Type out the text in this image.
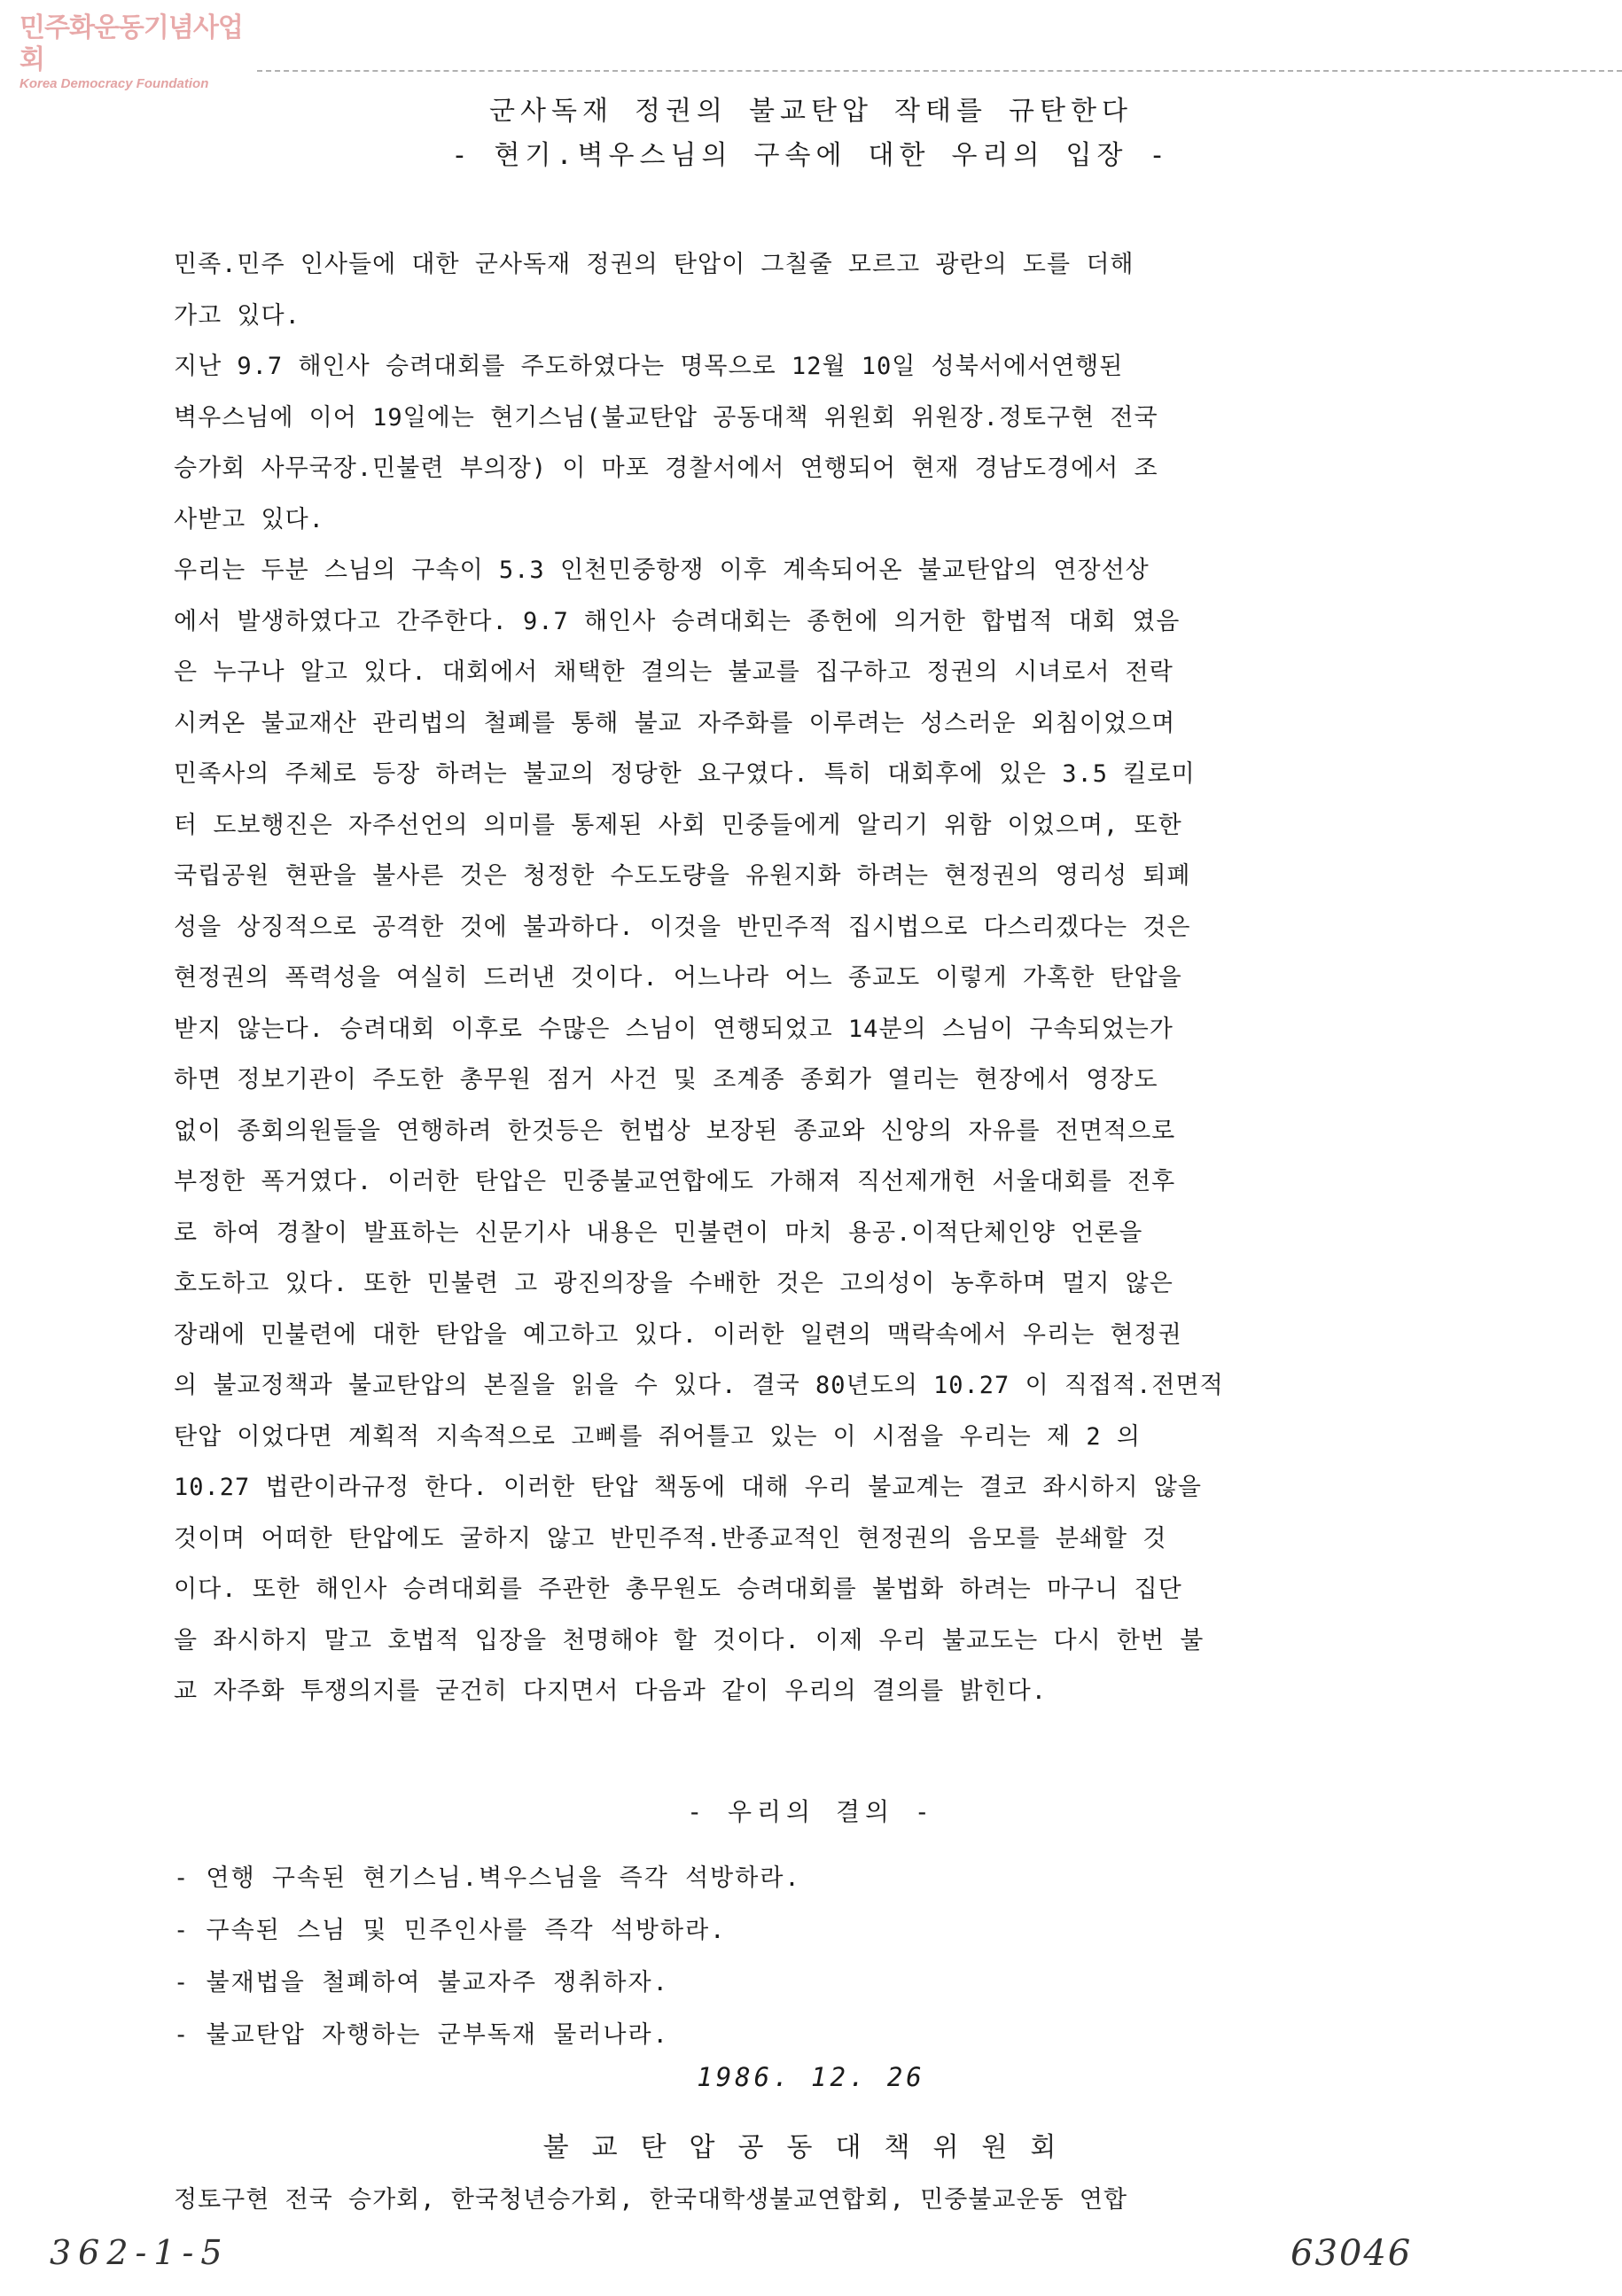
민주화운동기념사업회
Korea Democracy Foundation
군사독재 정권의 불교탄압 작태를 규탄한다
- 현기.벽우스님의 구속에 대한 우리의 입장 -
민족.민주 인사들에 대한 군사독재 정권의 탄압이 그칠줄 모르고 광란의 도를 더해
가고 있다.
지난 9.7 해인사 승려대회를 주도하였다는 명목으로 12월 10일 성북서에서연행된
벽우스님에 이어 19일에는 현기스님(불교탄압 공동대책 위원회 위원장.정토구현 전국
승가회 사무국장.민불련 부의장) 이 마포 경찰서에서 연행되어 현재 경남도경에서 조
사받고 있다.
우리는 두분 스님의 구속이 5.3 인천민중항쟁 이후 계속되어온 불교탄압의 연장선상
에서 발생하였다고 간주한다. 9.7 해인사 승려대회는 종헌에 의거한 합법적 대회 였음
은 누구나 알고 있다. 대회에서 채택한 결의는 불교를 집구하고 정권의 시녀로서 전락
시켜온 불교재산 관리법의 철폐를 통해 불교 자주화를 이루려는 성스러운 외침이었으며
민족사의 주체로 등장 하려는 불교의 정당한 요구였다. 특히 대회후에 있은 3.5 킬로미
터 도보행진은 자주선언의 의미를 통제된 사회 민중들에게 알리기 위함 이었으며, 또한
국립공원 현판을 불사른 것은 청정한 수도도량을 유원지화 하려는 현정권의 영리성 퇴폐
성을 상징적으로 공격한 것에 불과하다. 이것을 반민주적 집시법으로 다스리겠다는 것은
현정권의 폭력성을 여실히 드러낸 것이다. 어느나라 어느 종교도 이렇게 가혹한 탄압을
받지 않는다. 승려대회 이후로 수많은 스님이 연행되었고 14분의 스님이 구속되었는가
하면 정보기관이 주도한 총무원 점거 사건 및 조계종 종회가 열리는 현장에서 영장도
없이 종회의원들을 연행하려 한것등은 헌법상 보장된 종교와 신앙의 자유를 전면적으로
부정한 폭거였다. 이러한 탄압은 민중불교연합에도 가해져 직선제개헌 서울대회를 전후
로 하여 경찰이 발표하는 신문기사 내용은 민불련이 마치 용공.이적단체인양 언론을
호도하고 있다. 또한 민불련 고 광진의장을 수배한 것은 고의성이 농후하며 멀지 않은
장래에 민불련에 대한 탄압을 예고하고 있다. 이러한 일련의 맥락속에서 우리는 현정권
의 불교정책과 불교탄압의 본질을 읽을 수 있다. 결국 80년도의 10.27 이 직접적.전면적
탄압 이었다면 계획적 지속적으로 고삐를 쥐어틀고 있는 이 시점을 우리는 제 2 의
10.27 법란이라규정 한다. 이러한 탄압 책동에 대해 우리 불교계는 결코 좌시하지 않을
것이며 어떠한 탄압에도 굴하지 않고 반민주적.반종교적인 현정권의 음모를 분쇄할 것
이다. 또한 해인사 승려대회를 주관한 총무원도 승려대회를 불법화 하려는 마구니 집단
을 좌시하지 말고 호법적 입장을 천명해야 할 것이다. 이제 우리 불교도는 다시 한번 불
교 자주화 투쟁의지를 굳건히 다지면서 다음과 같이 우리의 결의를 밝힌다.
- 우리의 결의 -
- 연행 구속된 현기스님.벽우스님을 즉각 석방하라.
- 구속된 스님 및 민주인사를 즉각 석방하라.
- 불재법을 철폐하여 불교자주 쟁취하자.
- 불교탄압 자행하는 군부독재 물러나라.
1986. 12. 26
불교탄압공동대책위원회
정토구현 전국 승가회, 한국청년승가회, 한국대학생불교연합회, 민중불교운동 연합
362-1-5	63046
